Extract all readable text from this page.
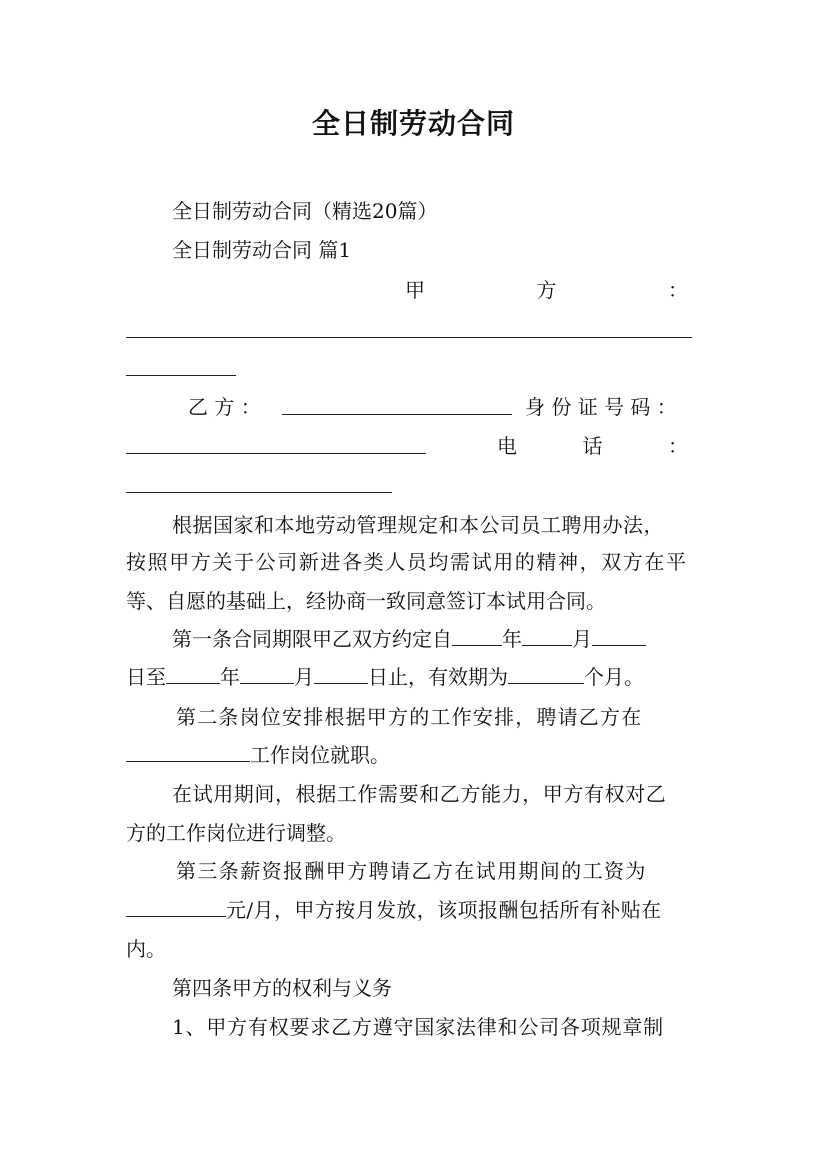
全日制劳动合同
全日制劳动合同（精选20篇）
全日制劳动合同 篇1
甲	方	：
乙 方 ：	身 份 证 号 码 ：
电	话	：
根据国家和本地劳动管理规定和本公司员工聘用办法，
按照甲方关于公司新进各类人员均需试用的精神，双方在平
等、自愿的基础上，经协商一致同意签订本试用合同。
第一条合同期限甲乙双方约定自	年	月
日至	年	月	日止，有效期为	个月。
第二条岗位安排根据甲方的工作安排，聘请乙方在
工作岗位就职。
在试用期间，根据工作需要和乙方能力，甲方有权对乙
方的工作岗位进行调整。
第三条薪资报酬甲方聘请乙方在试用期间的工资为
元/月，甲方按月发放，该项报酬包括所有补贴在
内。
第四条甲方的权利与义务
1、甲方有权要求乙方遵守国家法律和公司各项规章制
